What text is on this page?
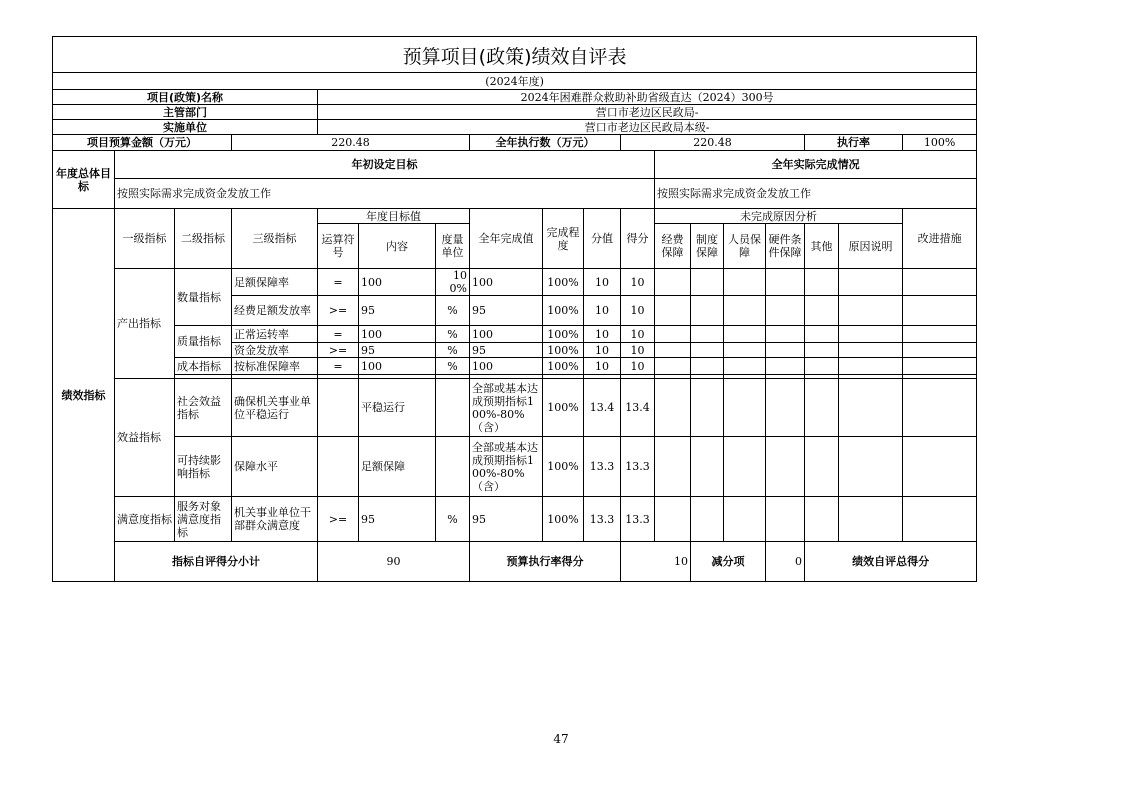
预算项目(政策)绩效自评表																		
(2024年度)																		
项目(政策)名称				2024年困难群众救助补助省级直达（2024）300号														
主管部门				营口市老边区民政局-														
实施单位				营口市老边区民政局本级-														
项目预算金额（万元）			220.48				全年执行数（万元）			220.48					执行率		100%	
年度总体目标	年初设定目标										全年实际完成情况							
	按照实际需求完成资金发放工作										按照实际需求完成资金发放工作							
绩效指标	一级指标	二级指标	三级指标	年度目标值			全年完成值	完成程度	分值	得分	未完成原因分析						改进措施	
				运算符号	内容	度量单位					经费保障	制度保障	人员保障	硬件条件保障	其他	原因说明		
	产出指标	数量指标	足额保障率	=	100	100%	100	100%	10	10								
			经费足额发放率	>=	95	%	95	100%	10	10								
		质量指标	正常运转率	=	100	%	100	100%	10	10								
			资金发放率	>=	95	%	95	100%	10	10								
		成本指标	按标准保障率	=	100	%	100	100%	10	10								

	效益指标	社会效益指标	确保机关事业单位平稳运行		平稳运行		全部或基本达成预期指标100%-80%（含）	100%	13.4	13.4								
		可持续影响指标	保障水平		足额保障		全部或基本达成预期指标100%-80%（含）	100%	13.3	13.3								
	满意度指标	服务对象满意度指标	机关事业单位干部群众满意度	>=	95	%	95	100%	13.3	13.3								
	指标自评得分小计			90			预算执行率得分			10		减分项		0	绩效自评总得分	
47
